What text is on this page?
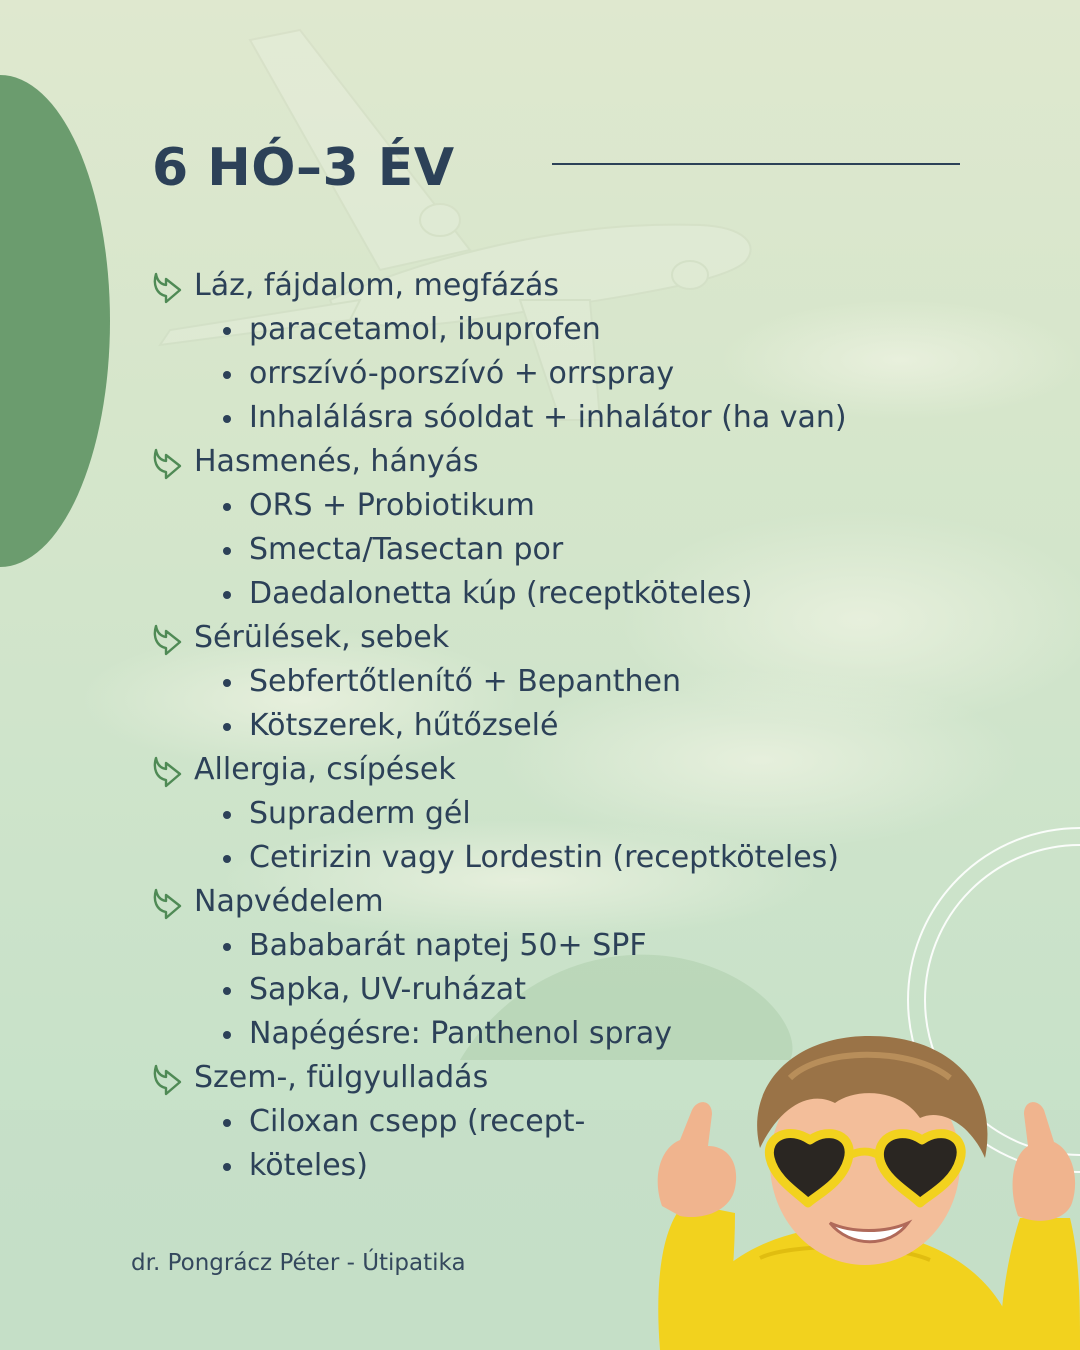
6 HÓ–3 ÉV
Láz, fájdalom, megfázás
paracetamol, ibuprofen
orrszívó-porszívó + orrspray
Inhalálásra sóoldat + inhalátor (ha van)
Hasmenés, hányás
ORS + Probiotikum
Smecta/Tasectan por
Daedalonetta kúp (receptköteles)
Sérülések, sebek
Sebfertőtlenítő + Bepanthen
Kötszerek, hűtőzselé
Allergia, csípések
Supraderm gél
Cetirizin vagy Lordestin (receptköteles)
Napvédelem
Bababarát naptej 50+ SPF
Sapka, UV-ruházat
Napégésre: Panthenol spray
Szem-, fülgyulladás
Ciloxan csepp (recept-
köteles)
dr. Pongrácz Péter - Útipatika
